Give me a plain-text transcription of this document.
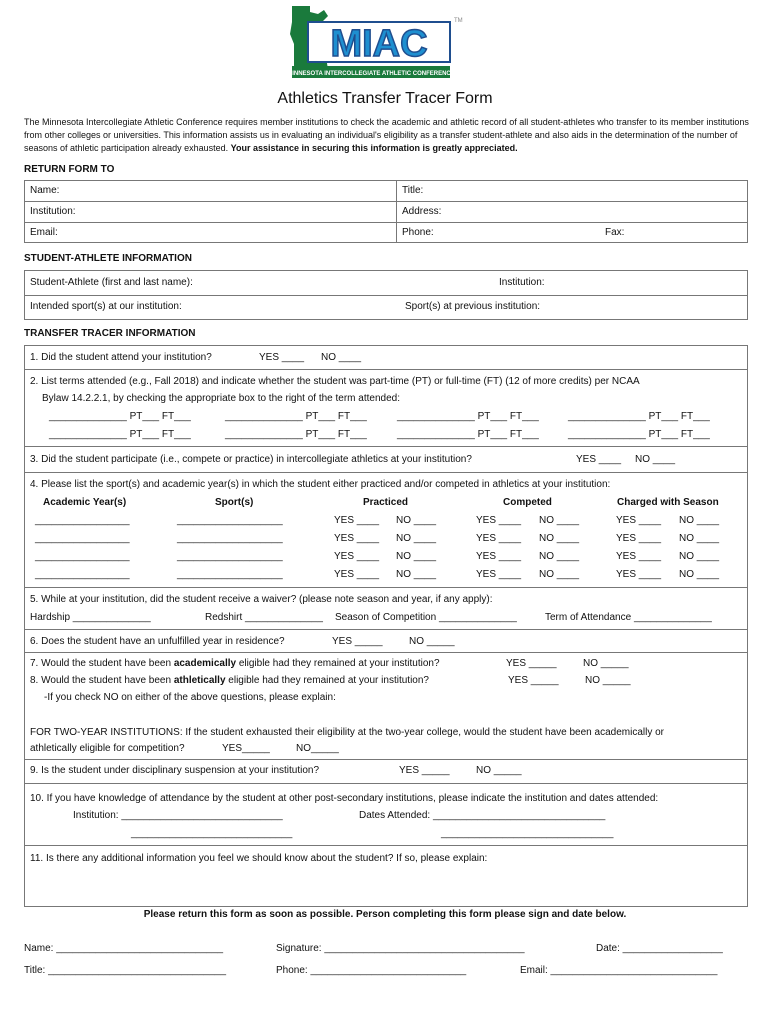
MIAC
TM
MINNESOTA INTERCOLLEGIATE ATHLETIC CONFERENCE
Athletics Transfer Tracer Form
The Minnesota Intercollegiate Athletic Conference requires member institutions to check the academic and athletic record of all student-athletes who transfer to its member institutions from other colleges or universities. This information assists us in evaluating an individual's eligibility as a transfer student-athlete and also aids in the determination of the number of seasons of athletic participation already exhausted. Your assistance in securing this information is greatly appreciated.
RETURN FORM TO
Name:	Title:
Institution:	Address:
Email:	Phone:	Fax:
STUDENT-ATHLETE INFORMATION
Student-Athlete (first and last name):	Institution:
Intended sport(s) at our institution:	Sport(s) at previous institution:
TRANSFER TRACER INFORMATION
1. Did the student attend your institution?	YES ____ NO ____
2. List terms attended (e.g., Fall 2018) and indicate whether the student was part-time (PT) or full-time (FT) (12 of more credits) per NCAA
Bylaw 14.2.2.1, by checking the appropriate box to the right of the term attended:
______________ PT___ FT___	______________ PT___ FT___	______________ PT___ FT___	______________ PT___ FT___
______________ PT___ FT___	______________ PT___ FT___	______________ PT___ FT___	______________ PT___ FT___
3. Did the student participate (i.e., compete or practice) in intercollegiate athletics at your institution?	YES ____ NO ____
4. Please list the sport(s) and academic year(s) in which the student either practiced and/or competed in athletics at your institution:
Academic Year(s)	Sport(s)	Practiced	Competed	Charged with Season
_________________	___________________	YES ____ NO ____	YES ____ NO ____	YES ____ NO ____
_________________	___________________	YES ____ NO ____	YES ____ NO ____	YES ____ NO ____
_________________	___________________	YES ____ NO ____	YES ____ NO ____	YES ____ NO ____
_________________	___________________	YES ____ NO ____	YES ____ NO ____	YES ____ NO ____
5. While at your institution, did the student receive a waiver? (please note season and year, if any apply):
Hardship ______________	Redshirt ______________ Season of Competition ______________	Term of Attendance ______________
6. Does the student have an unfulfilled year in residence?	YES _____	NO _____
7. Would the student have been academically eligible had they remained at your institution?	YES _____	NO _____
8. Would the student have been athletically eligible had they remained at your institution?	YES _____	NO _____
-If you check NO on either of the above questions, please explain:
FOR TWO-YEAR INSTITUTIONS: If the student exhausted their eligibility at the two-year college, would the student have been academically or
athletically eligible for competition?	YES_____	NO_____
9. Is the student under disciplinary suspension at your institution?	YES _____	NO _____
10. If you have knowledge of attendance by the student at other post-secondary institutions, please indicate the institution and dates attended:
Institution: _____________________________	Dates Attended: _______________________________
_____________________________	_______________________________
11. Is there any additional information you feel we should know about the student? If so, please explain:
Please return this form as soon as possible. Person completing this form please sign and date below.
Name: ______________________________	Signature: ____________________________________	Date: __________________
Title: ________________________________	Phone: ____________________________	Email: ______________________________
